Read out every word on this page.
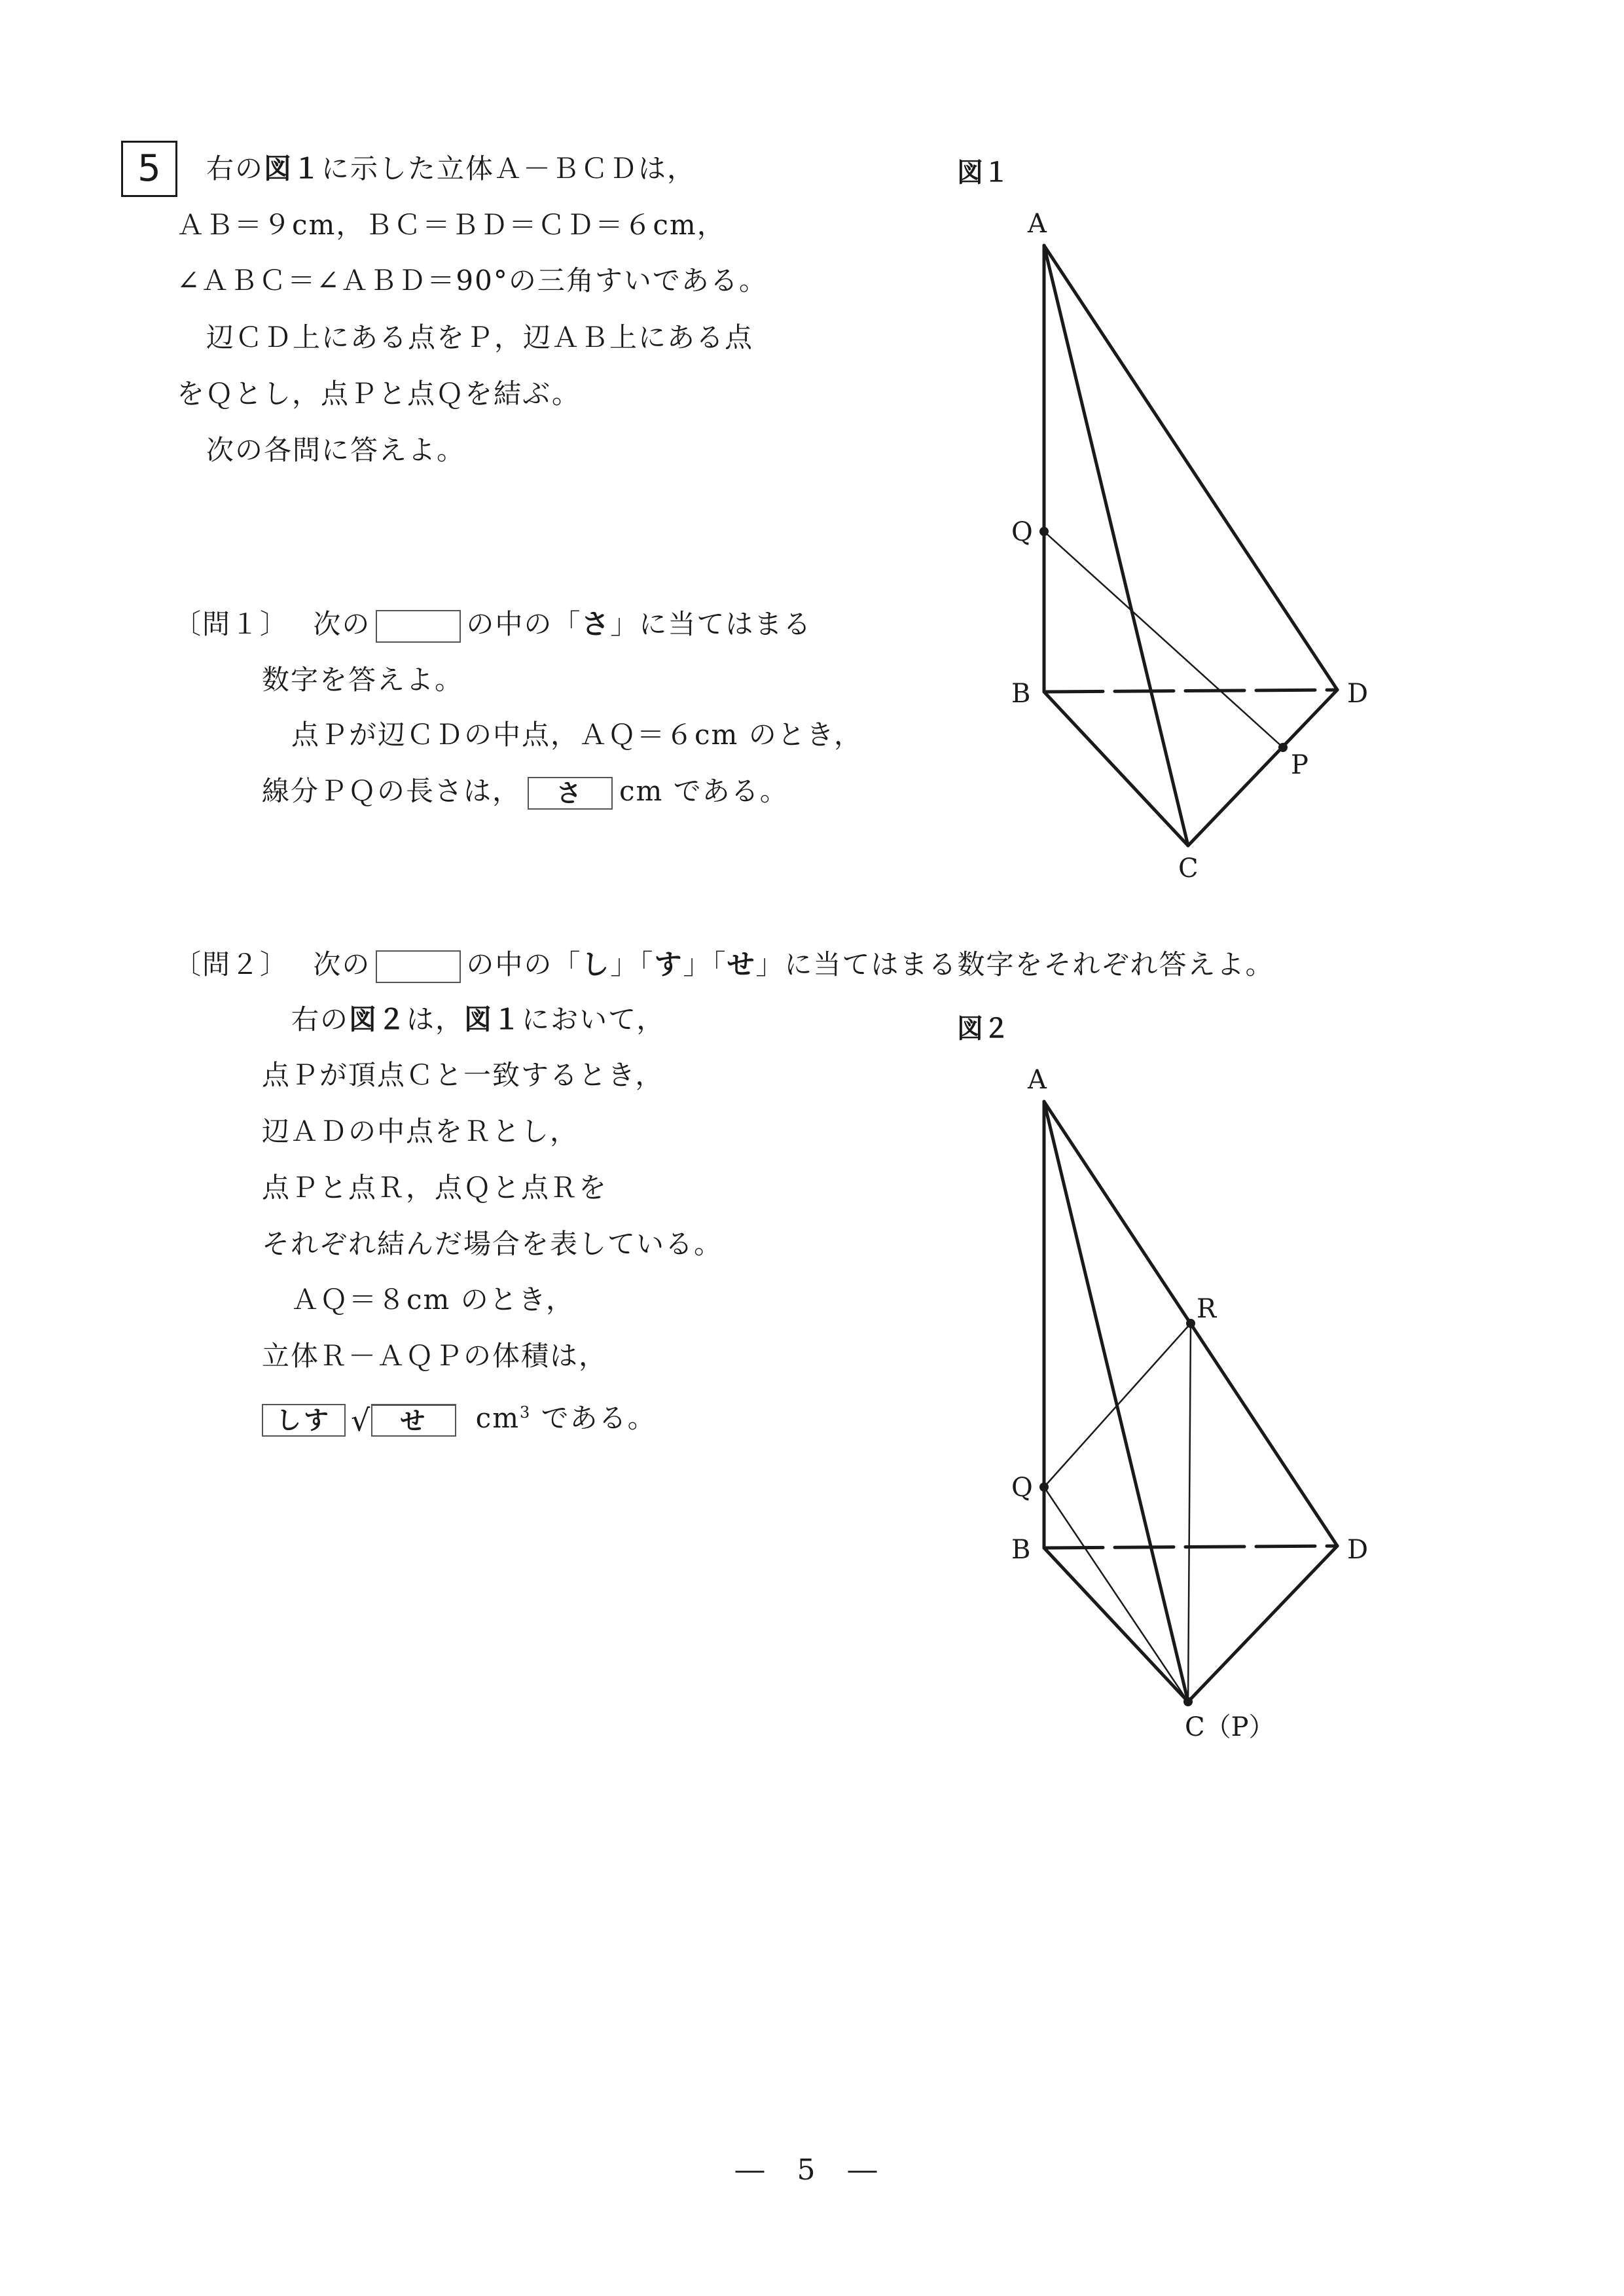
5	右の図１に示した立体Ａ－ＢＣＤは，
ＡＢ＝９cm，ＢＣ＝ＢＤ＝ＣＤ＝６cm，
∠ＡＢＣ＝∠ＡＢＤ＝90°の三角すいである。
辺ＣＤ上にある点をＰ，辺ＡＢ上にある点
をＱとし，点Ｐと点Ｑを結ぶ。
次の各問に答えよ。
〔問１〕 次の	の中の「さ」に当てはまる
数字を答えよ。
点Ｐが辺ＣＤの中点，ＡＱ＝６cm のとき，
線分ＰＱの長さは， さ cm である。
〔問２〕 次の	の中の「し」「す」「せ」に当てはまる数字をそれぞれ答えよ。
右の図２は，図１において，
点Ｐが頂点Ｃと一致するとき，
辺ＡＤの中点をＲとし，
点Ｐと点Ｒ，点Ｑと点Ｒを
それぞれ結んだ場合を表している。
ＡＱ＝８cm のとき，
立体Ｒ－ＡＱＰの体積は，
しす √ せ $cm^3$ である。
図１
図２
A
Q
B	D
P
C
A
R
Q
B	D
C（P）
― 5 ―
